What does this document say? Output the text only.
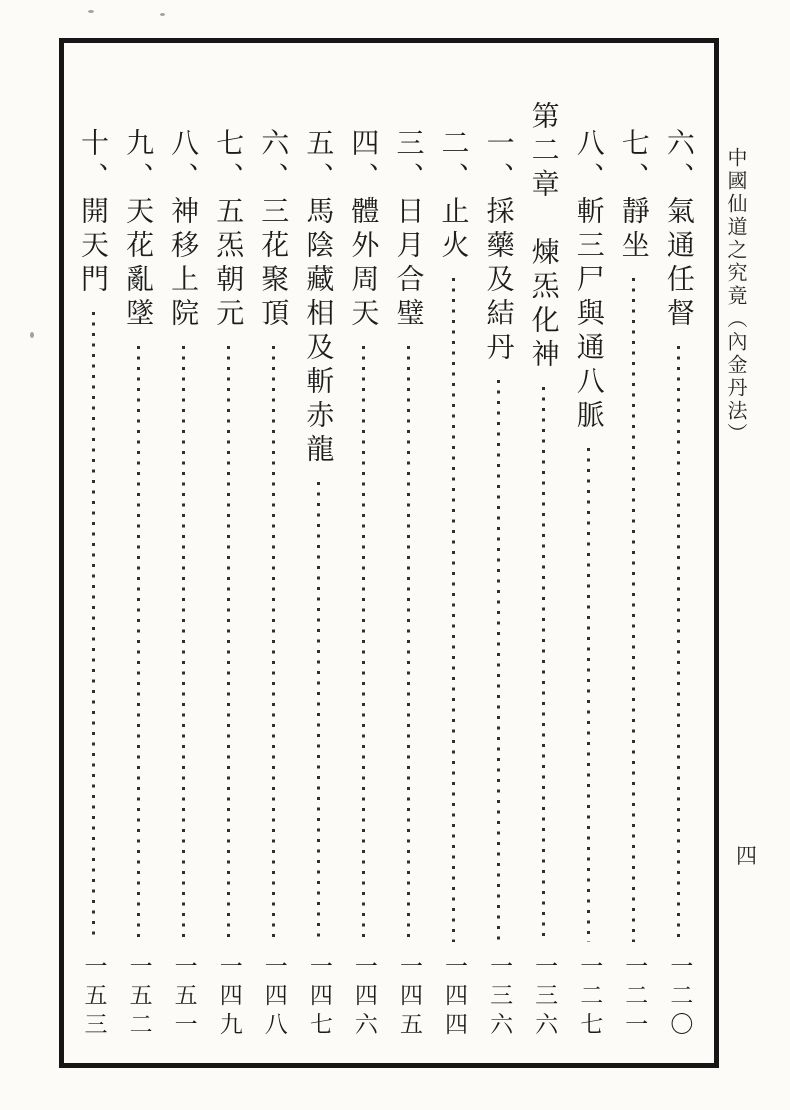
六、氣通任督
一二〇
七、靜坐
一二一
八、斬三尸與通八脈
一二七
第二章　煉炁化神
一三六
一、採藥及結丹
一三六
二、止火
一四四
三、日月合璧
一四五
四、體外周天
一四六
五、馬陰藏相及斬赤龍
一四七
六、三花聚頂
一四八
七、五炁朝元
一四九
八、神移上院
一五一
九、天花亂墜
一五二
十、開天門
一五三
中國仙道之究竟（內金丹法）
四
